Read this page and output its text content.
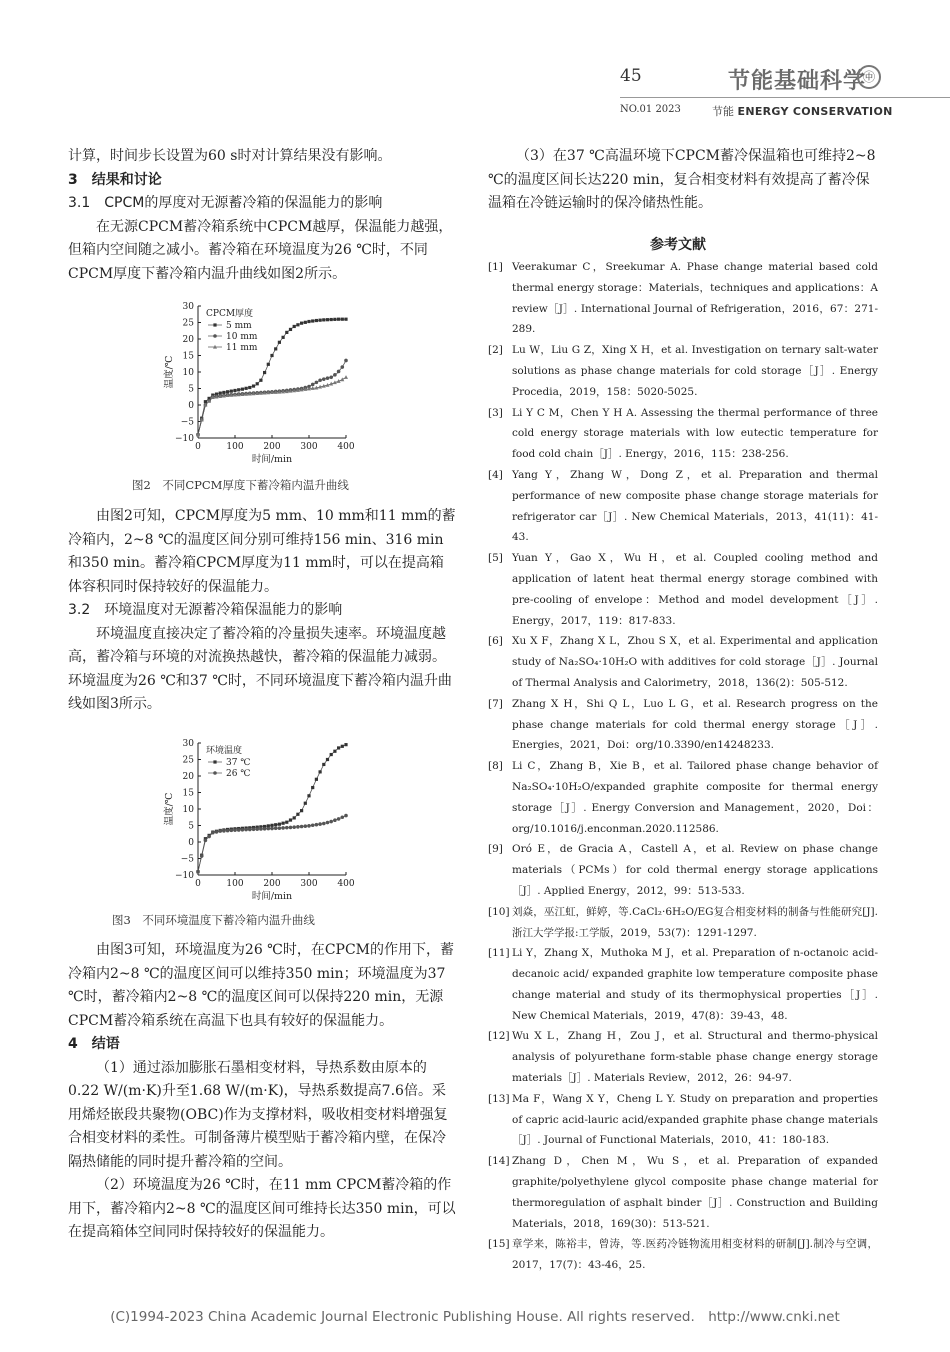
45	节能基础科学
㊥
NO.01 2023	节能 ENERGY CONSERVATION

计算，时间步长设置为60 s时对计算结果没有影响。

3　结果和讨论

3.1　CPCM的厚度对无源蓄冷箱的保温能力的影响

在无源CPCM蓄冷箱系统中CPCM越厚，保温能力越强，但箱内空间随之减小。蓄冷箱在环境温度为26 ℃时，不同CPCM厚度下蓄冷箱内温升曲线如图2所示。

30
25
20
15
10
5
0
−5
−10
0	100 200 300 400
时间/min
温度/℃
CPCM厚度
5 mm
10 mm
11 mm
图2　不同CPCM厚度下蓄冷箱内温升曲线

由图2可知，CPCM厚度为5 mm、10 mm和11 mm的蓄冷箱内，2~8 ℃的温度区间分别可维持156 min、316 min和350 min。蓄冷箱CPCM厚度为11 mm时，可以在提高箱体容积同时保持较好的保温能力。

3.2　环境温度对无源蓄冷箱保温能力的影响

环境温度直接决定了蓄冷箱的冷量损失速率。环境温度越高，蓄冷箱与环境的对流换热越快，蓄冷箱的保温能力减弱。环境温度为26 ℃和37 ℃时，不同环境温度下蓄冷箱内温升曲线如图3所示。

30
25
20
15
10
5
0
−5
−10
0	100 200 300 400
时间/min
温度/℃
环境温度
37 ℃
26 ℃
图3　不同环境温度下蓄冷箱内温升曲线

由图3可知，环境温度为26 ℃时，在CPCM的作用下，蓄冷箱内2~8 ℃的温度区间可以维持350 min；环境温度为37 ℃时，蓄冷箱内2~8 ℃的温度区间可以保持220 min，无源CPCM蓄冷箱系统在高温下也具有较好的保温能力。

4　结语

（1）通过添加膨胀石墨相变材料，导热系数由原本的0.22 W/(m·K)升至1.68 W/(m·K)，导热系数提高7.6倍。采用烯烃嵌段共聚物(OBC)作为支撑材料，吸收相变材料增强复合相变材料的柔性。可制备薄片模型贴于蓄冷箱内壁，在保冷隔热储能的同时提升蓄冷箱的空间。

（2）环境温度为26 ℃时，在11 mm CPCM蓄冷箱的作用下，蓄冷箱内2~8 ℃的温度区间可维持长达350 min，可以在提高箱体空间同时保持较好的保温能力。

（3）在37 ℃高温环境下CPCM蓄冷保温箱也可维持2~8 ℃的温度区间长达220 min，复合相变材料有效提高了蓄冷保温箱在冷链运输时的保冷储热性能。

参考文献
[1] Veerakumar C，Sreekumar A. Phase change material based cold thermal energy storage：Materials，techniques and applications：A review［J］. International Journal of Refrigeration，2016，67：271-289.
[2] Lu W，Liu G Z，Xing X H，et al. Investigation on ternary salt-water solutions as phase change materials for cold storage［J］. Energy Procedia，2019，158：5020-5025.
[3] Li Y C M，Chen Y H A. Assessing the thermal performance of three cold energy storage materials with low eutectic temperature for food cold chain［J］. Energy，2016，115：238-256.
[4] Yang Y，Zhang W，Dong Z，et al. Preparation and thermal performance of new composite phase change storage materials for refrigerator car［J］. New Chemical Materials，2013，41(11)：41-43.
[5] Yuan Y，Gao X，Wu H，et al. Coupled cooling method and application of latent heat thermal energy storage combined with pre-cooling of envelope：Method and model development［J］. Energy，2017，119：817-833.
[6] Xu X F，Zhang X L，Zhou S X，et al. Experimental and application study of Na₂SO₄·10H₂O with additives for cold storage［J］. Journal of Thermal Analysis and Calorimetry，2018，136(2)：505-512.
[7] Zhang X H，Shi Q L，Luo L G，et al. Research progress on the phase change materials for cold thermal energy storage［J］. Energies，2021，Doi：org/10.3390/en14248233.
[8] Li C，Zhang B，Xie B，et al. Tailored phase change behavior of Na₂SO₄·10H₂O/expanded graphite composite for thermal energy storage［J］. Energy Conversion and Management，2020，Doi：org/10.1016/j.enconman.2020.112586.
[9] Oró E，de Gracia A，Castell A，et al. Review on phase change materials（PCMs）for cold thermal energy storage applications［J］. Applied Energy，2012，99：513-533.
[10] 刘焱，巫江虹，鲜婷，等.CaCl₂·6H₂O/EG复合相变材料的制备与性能研究[J].浙江大学学报:工学版，2019，53(7)：1291-1297.
[11] Li Y，Zhang X，Muthoka M J，et al. Preparation of n-octanoic acid-decanoic acid/ expanded graphite low temperature composite phase change material and study of its thermophysical properties［J］. New Chemical Materials，2019，47(8)：39-43，48.
[12] Wu X L，Zhang H，Zou J，et al. Structural and thermo-physical analysis of polyurethane form-stable phase change energy storage materials［J］. Materials Review，2012，26：94-97.
[13] Ma F，Wang X Y，Cheng L Y. Study on preparation and properties of capric acid-lauric acid/expanded graphite phase change materials［J］. Journal of Functional Materials，2010，41：180-183.
[14] Zhang D，Chen M，Wu S，et al. Preparation of expanded graphite/polyethylene glycol composite phase change material for thermoregulation of asphalt binder［J］. Construction and Building Materials，2018，169(30)：513-521.
[15] 章学来，陈裕丰，曾涛，等.医药冷链物流用相变材料的研制[J].制冷与空调，2017，17(7)：43-46，25.
(C)1994-2023 China Academic Journal Electronic Publishing House. All rights reserved.　http://www.cnki.net
